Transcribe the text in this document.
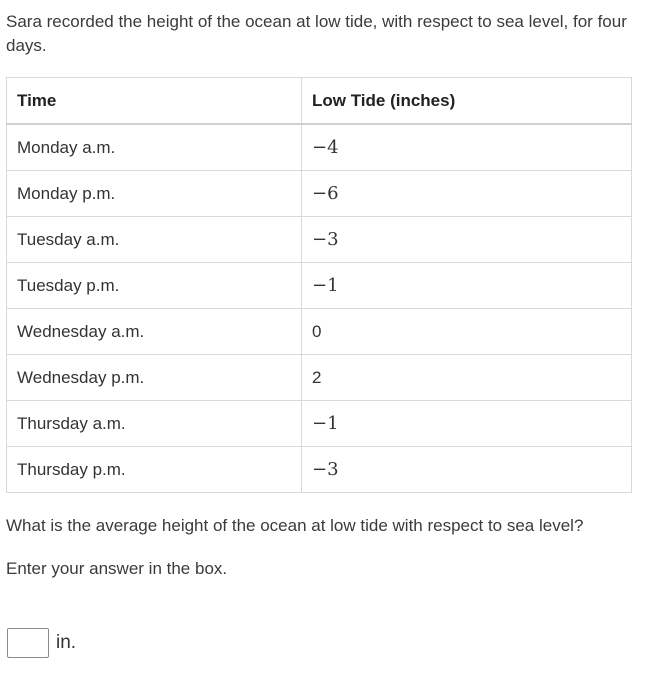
Sara recorded the height of the ocean at low tide, with respect to sea level, for four days.

Time	Low Tide (inches)
Monday a.m.	−4
Monday p.m.	−6
Tuesday a.m.	−3
Tuesday p.m.	−1
Wednesday a.m.	0
Wednesday p.m.	2
Thursday a.m.	−1
Thursday p.m.	−3

What is the average height of the ocean at low tide with respect to sea level?

Enter your answer in the box.

in.
